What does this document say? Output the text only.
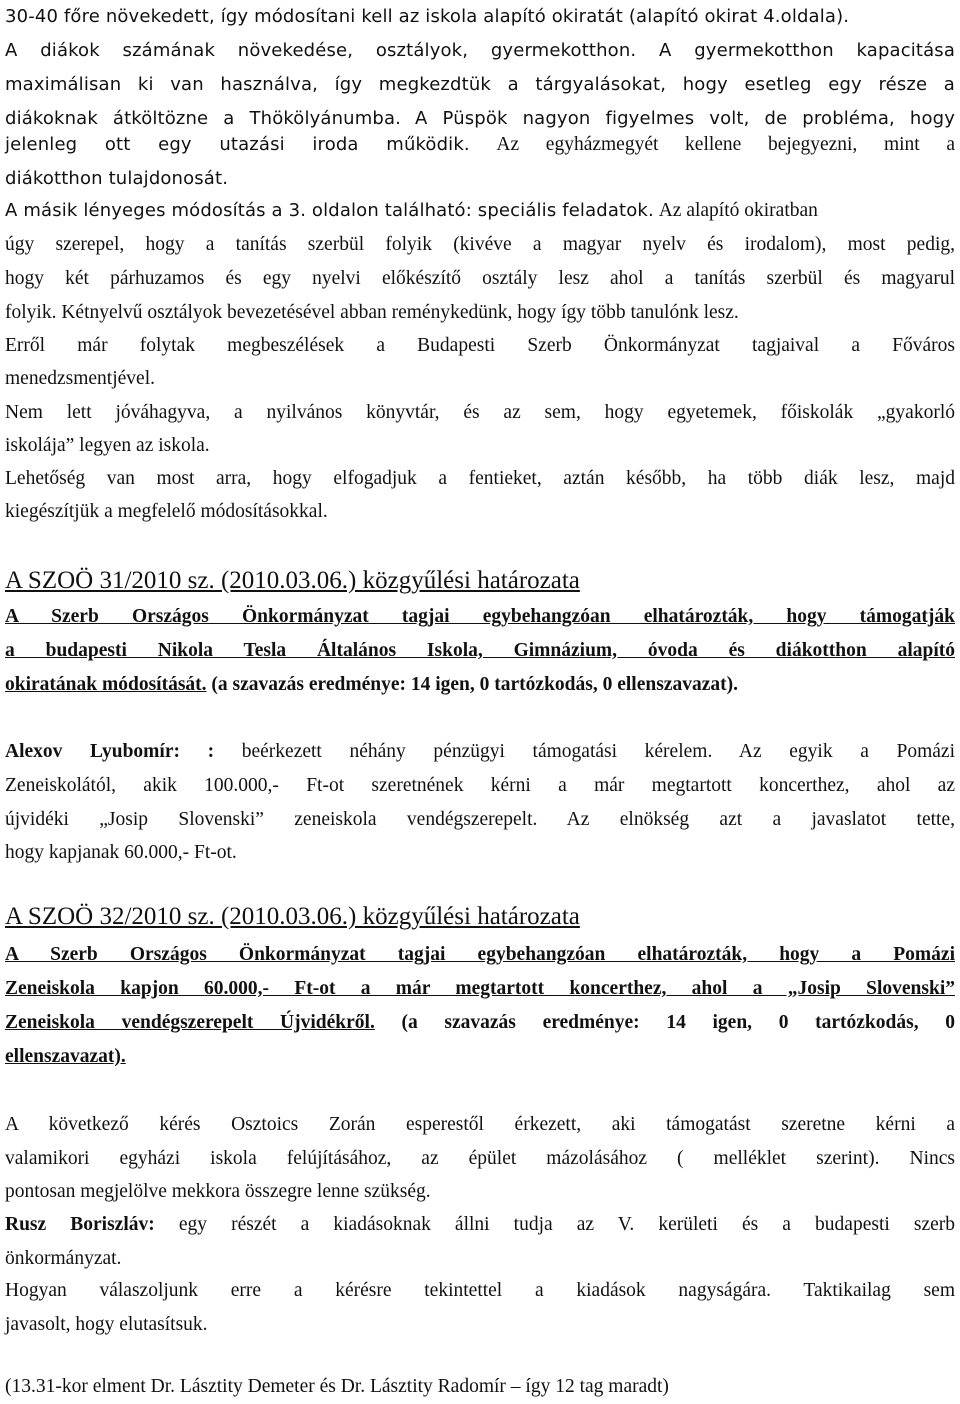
30-40 főre növekedett, így módosítani kell az iskola alapító okiratát (alapító okirat 4.oldala).
A diákok számának növekedése, osztályok, gyermekotthon. A gyermekotthon kapacitása
maximálisan ki van használva, így megkezdtük a tárgyalásokat, hogy esetleg egy része a
diákoknak átköltözne a Thökölyánumba. A Püspök nagyon figyelmes volt, de probléma, hogy
jelenleg ott egy utazási iroda működik. Az egyházmegyét kellene bejegyezni, mint a
diákotthon tulajdonosát.
A másik lényeges módosítás a 3. oldalon található: speciális feladatok. Az alapító okiratban
úgy szerepel, hogy a tanítás szerbül folyik (kivéve a magyar nyelv és irodalom), most pedig,
hogy két párhuzamos és egy nyelvi előkészítő osztály lesz ahol a tanítás szerbül és magyarul
folyik. Kétnyelvű osztályok bevezetésével abban reménykedünk, hogy így több tanulónk lesz.
Erről már folytak megbeszélések a Budapesti Szerb Önkormányzat tagjaival a Főváros
menedzsmentjével.
Nem lett jóváhagyva, a nyilvános könyvtár, és az sem, hogy egyetemek, főiskolák „gyakorló
iskolája” legyen az iskola.
Lehetőség van most arra, hogy elfogadjuk a fentieket, aztán később, ha több diák lesz, majd
kiegészítjük a megfelelő módosításokkal.
A SZOÖ 31/2010 sz. (2010.03.06.) közgyűlési határozata
A Szerb Országos Önkormányzat tagjai egybehangzóan elhatározták, hogy támogatják
a budapesti Nikola Tesla Általános Iskola, Gimnázium, óvoda és diákotthon alapító
okiratának módosítását. (a szavazás eredménye: 14 igen, 0 tartózkodás, 0 ellenszavazat).
Alexov Lyubomír: : beérkezett néhány pénzügyi támogatási kérelem. Az egyik a Pomázi
Zeneiskolától, akik 100.000,- Ft-ot szeretnének kérni a már megtartott koncerthez, ahol az
újvidéki „Josip Slovenski” zeneiskola vendégszerepelt. Az elnökség azt a javaslatot tette,
hogy kapjanak 60.000,- Ft-ot.
A SZOÖ 32/2010 sz. (2010.03.06.) közgyűlési határozata
A Szerb Országos Önkormányzat tagjai egybehangzóan elhatározták, hogy a Pomázi
Zeneiskola kapjon 60.000,- Ft-ot a már megtartott koncerthez, ahol a „Josip Slovenski”
Zeneiskola vendégszerepelt Újvidékről. (a szavazás eredménye: 14 igen, 0 tartózkodás, 0
ellenszavazat).
A következő kérés Osztoics Zorán esperestől érkezett, aki támogatást szeretne kérni a
valamikori egyházi iskola felújításához, az épület mázolásához ( melléklet szerint). Nincs
pontosan megjelölve mekkora összegre lenne szükség.
Rusz Boriszláv: egy részét a kiadásoknak állni tudja az V. kerületi és a budapesti szerb
önkormányzat.
Hogyan válaszoljunk erre a kérésre tekintettel a kiadások nagyságára. Taktikailag sem
javasolt, hogy elutasítsuk.
(13.31-kor elment Dr. Lásztity Demeter és Dr. Lásztity Radomír – így 12 tag maradt)
